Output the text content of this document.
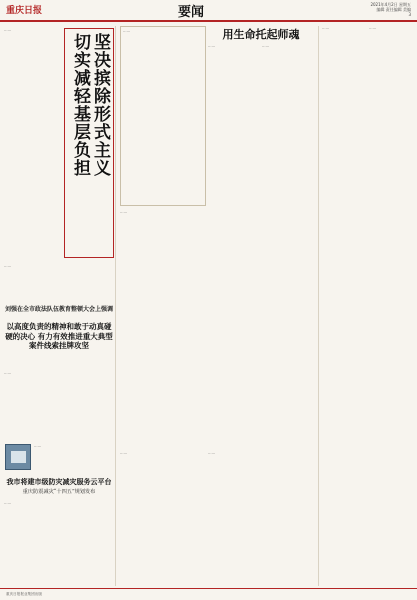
重庆日报	要闻
2021年4月2日 星期五
编辑 责任编辑 美编
3
坚决摈除形式主义
切实减轻基层负担
……
……
刘强在全市政法队伍教育整顿大会上强调
以高度负责的精神和敢于动真碰硬的决心 有力有效推进重大典型案件线索挂牌攻坚
……
……
我市将建市级防灾减灾服务云平台
重庆防震减灾“十四五”规划发布
……
……	用生命托起师魂
……	……
……
……	……
……	……
重庆日报报业集团出版
